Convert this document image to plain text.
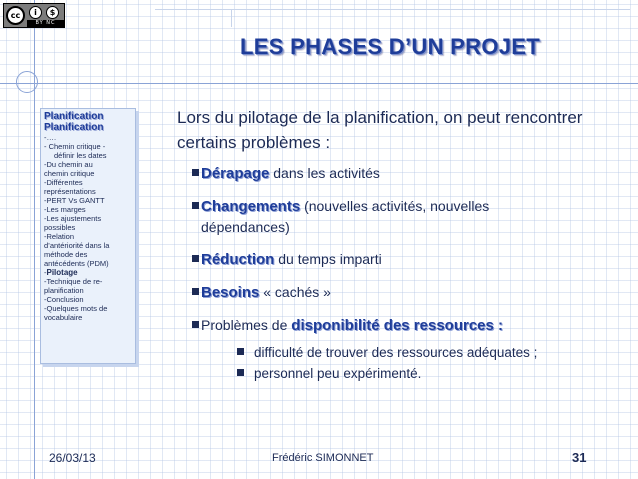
cc	i	$
BY NC
LES PHASES D’UN PROJET
Planification
Planification
-….
- Chemin critique -
définir les dates
-Du chemin au
chemin critique
-Différentes
représentations
-PERT Vs GANTT
-Les marges
-Les ajustements
possibles
-Relation
d’antériorité dans la
méthode des
antécédents (PDM)
-Pilotage
-Technique de re-
planification
-Conclusion
-Quelques mots de
vocabulaire

Lors du pilotage de la planification, on peut rencontrer certains problèmes :

Dérapage dans les activités
Changements (nouvelles activités, nouvelles
dépendances)
Réduction du temps imparti
Besoins « cachés »
Problèmes de disponibilité des ressources :
difficulté de trouver des ressources adéquates ;
personnel peu expérimenté.
26/03/13	Frédéric SIMONNET	31
